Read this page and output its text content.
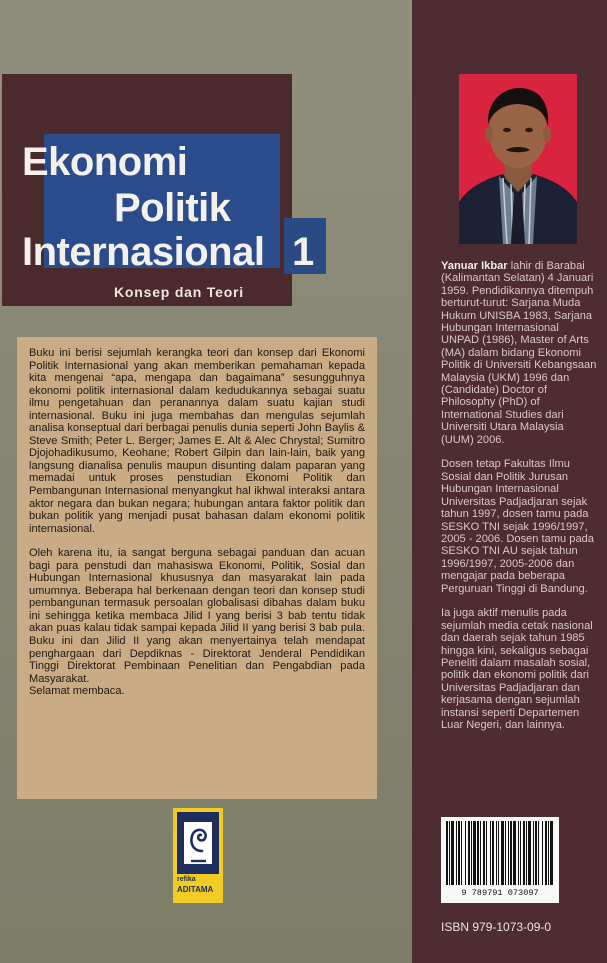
Ekonomi
Politik
Internasional 1
Konsep dan Teori

Buku ini berisi sejumlah kerangka teori dan konsep dari Ekonomi Politik Internasional yang akan memberikan pemahaman kepada kita mengenai “apa, mengapa dan bagaimana” sesungguhnya ekonomi politik internasional dalam kedudukannya sebagai suatu ilmu pengetahuan dan peranannya dalam suatu kajian studi internasional. Buku ini juga membahas dan mengulas sejumlah analisa konseptual dari berbagai penulis dunia seperti John Baylis & Steve Smith; Peter L. Berger; James E. Alt & Alec Chrystal; Sumitro Djojohadikusumo, Keohane; Robert Gilpin dan lain-lain, baik yang langsung dianalisa penulis maupun disunting dalam paparan yang memadai untuk proses penstudian Ekonomi Politik dan Pembangunan Internasional menyangkut hal ikhwal interaksi antara aktor negara dan bukan negara; hubungan antara faktor politik dan bukan politik yang menjadi pusat bahasan dalam ekonomi politik internasional.

Oleh karena itu, ia sangat berguna sebagai panduan dan acuan bagi para penstudi dan mahasiswa Ekonomi, Politik, Sosial dan Hubungan Internasional khususnya dan masyarakat lain pada umumnya. Beberapa hal berkenaan dengan teori dan konsep studi pembangunan termasuk persoalan globalisasi dibahas dalam buku ini sehingga ketika membaca Jilid I yang berisi 3 bab tentu tidak akan puas kalau tidak sampai kepada Jilid II yang berisi 3 bab pula. Buku ini dan Jilid II yang akan menyertainya telah mendapat penghargaan dari Depdiknas - Direktorat Jenderal Pendidikan Tinggi Direktorat Pembinaan Penelitian dan Pengabdian pada Masyarakat.
Selamat membaca.

refika
ADITAMA

Yanuar Ikbar lahir di Barabai (Kalimantan Selatan) 4 Januari 1959. Pendidikannya ditempuh berturut-turut: Sarjana Muda Hukum UNISBA 1983, Sarjana Hubungan Internasional UNPAD (1986), Master of Arts (MA) dalam bidang Ekonomi Politik di Universiti Kebangsaan Malaysia (UKM) 1996 dan (Candidate) Doctor of Philosophy (PhD) of International Studies dari Universiti Utara Malaysia (UUM) 2006.

Dosen tetap Fakultas Ilmu Sosial dan Politik Jurusan Hubungan Internasional Universitas Padjadjaran sejak tahun 1997, dosen tamu pada SESKO TNI sejak 1996/1997, 2005 - 2006. Dosen tamu pada SESKO TNI AU sejak tahun 1996/1997, 2005-2006 dan mengajar pada beberapa Perguruan Tinggi di Bandung.

Ia juga aktif menulis pada sejumlah media cetak nasional dan daerah sejak tahun 1985 hingga kini, sekaligus sebagai Peneliti dalam masalah sosial, politik dan ekonomi politik dari Universitas Padjadjaran dan kerjasama dengan sejumlah instansi seperti Departemen Luar Negeri, dan lainnya.

9 789791 073097
ISBN 979-1073-09-0
